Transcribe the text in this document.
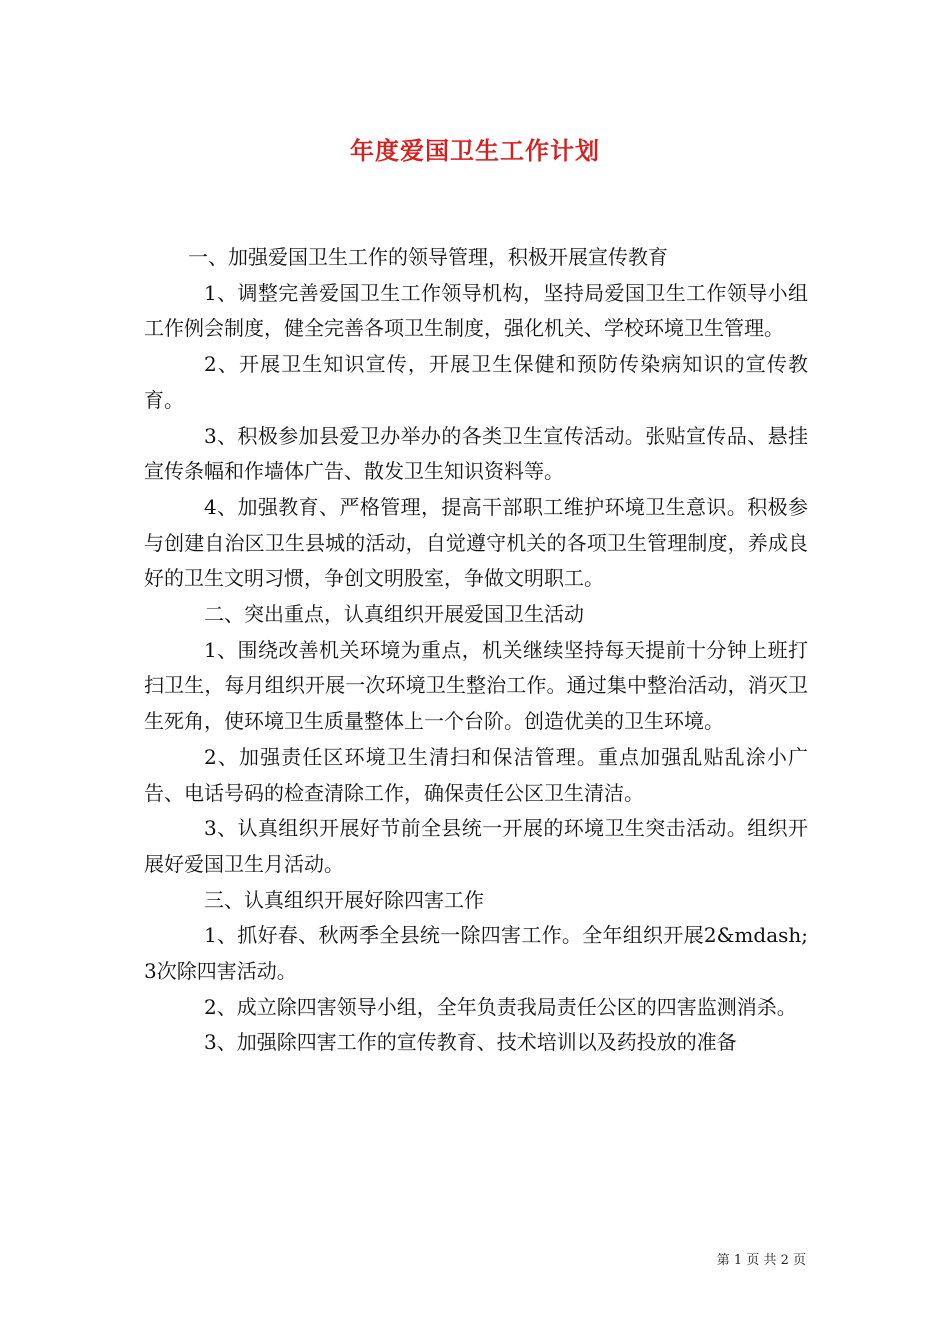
年度爱国卫生工作计划

一、加强爱国卫生工作的领导管理，积极开展宣传教育

1、调整完善爱国卫生工作领导机构，坚持局爱国卫生工作领导小组工作例会制度，健全完善各项卫生制度，强化机关、学校环境卫生管理。

2、开展卫生知识宣传，开展卫生保健和预防传染病知识的宣传教育。

3、积极参加县爱卫办举办的各类卫生宣传活动。张贴宣传品、悬挂宣传条幅和作墙体广告、散发卫生知识资料等。

4、加强教育、严格管理，提高干部职工维护环境卫生意识。积极参与创建自治区卫生县城的活动，自觉遵守机关的各项卫生管理制度，养成良好的卫生文明习惯，争创文明股室，争做文明职工。

二、突出重点，认真组织开展爱国卫生活动

1、围绕改善机关环境为重点，机关继续坚持每天提前十分钟上班打扫卫生，每月组织开展一次环境卫生整治工作。通过集中整治活动，消灭卫生死角，使环境卫生质量整体上一个台阶。创造优美的卫生环境。

2、加强责任区环境卫生清扫和保洁管理。重点加强乱贴乱涂小广告、电话号码的检查清除工作，确保责任公区卫生清洁。

3、认真组织开展好节前全县统一开展的环境卫生突击活动。组织开展好爱国卫生月活动。

三、认真组织开展好除四害工作

1、抓好春、秋两季全县统一除四害工作。全年组织开展2&mdash;3次除四害活动。

2、成立除四害领导小组，全年负责我局责任公区的四害监测消杀。

3、加强除四害工作的宣传教育、技术培训以及药投放的准备

第 1 页 共 2 页
